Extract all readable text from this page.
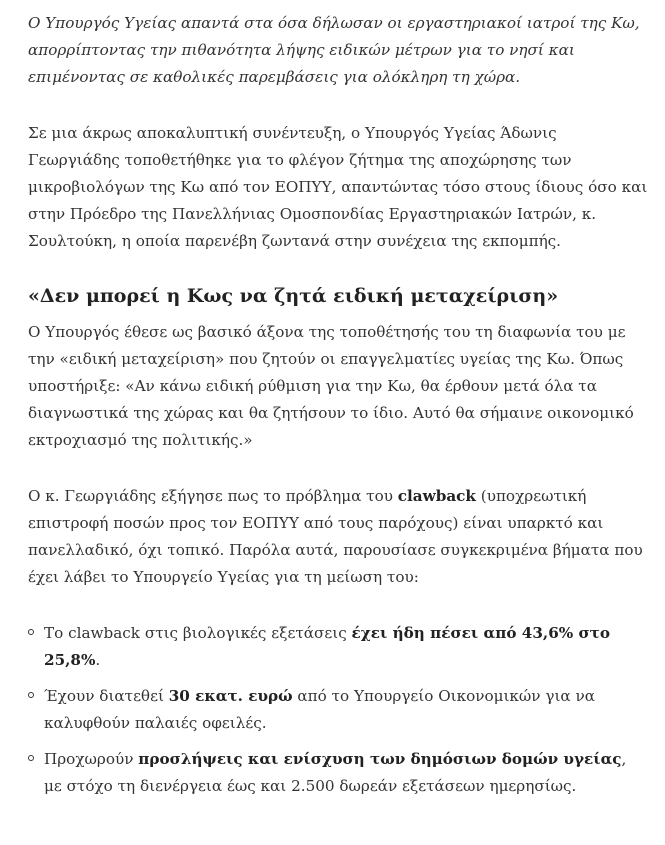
Ο Υπουργός Υγείας απαντά στα όσα δήλωσαν οι εργαστηριακοί ιατροί της Κω, απορρίπτοντας την πιθανότητα λήψης ειδικών μέτρων για το νησί και επιμένοντας σε καθολικές παρεμβάσεις για ολόκληρη τη χώρα.

Σε μια άκρως αποκαλυπτική συνέντευξη, ο Υπουργός Υγείας Άδωνις Γεωργιάδης τοποθετήθηκε για το φλέγον ζήτημα της αποχώρησης των μικροβιολόγων της Κω από τον ΕΟΠΥΥ, απαντώντας τόσο στους ίδιους όσο και στην Πρόεδρο της Πανελλήνιας Ομοσπονδίας Εργαστηριακών Ιατρών, κ. Σουλτούκη, η οποία παρενέβη ζωντανά στην συνέχεια της εκπομπής.

«Δεν μπορεί η Κως να ζητά ειδική μεταχείριση»

Ο Υπουργός έθεσε ως βασικό άξονα της τοποθέτησής του τη διαφωνία του με την «ειδική μεταχείριση» που ζητούν οι επαγγελματίες υγείας της Κω. Όπως υποστήριξε: «Αν κάνω ειδική ρύθμιση για την Κω, θα έρθουν μετά όλα τα διαγνωστικά της χώρας και θα ζητήσουν το ίδιο. Αυτό θα σήμαινε οικονομικό εκτροχιασμό της πολιτικής.»

Ο κ. Γεωργιάδης εξήγησε πως το πρόβλημα του clawback (υποχρεωτική επιστροφή ποσών προς τον ΕΟΠΥΥ από τους παρόχους) είναι υπαρκτό και πανελλαδικό, όχι τοπικό. Παρόλα αυτά, παρουσίασε συγκεκριμένα βήματα που έχει λάβει το Υπουργείο Υγείας για τη μείωση του:

Το clawback στις βιολογικές εξετάσεις έχει ήδη πέσει από 43,6% στο 25,8%.
Έχουν διατεθεί 30 εκατ. ευρώ από το Υπουργείο Οικονομικών για να καλυφθούν παλαιές οφειλές.
Προχωρούν προσλήψεις και ενίσχυση των δημόσιων δομών υγείας, με στόχο τη διενέργεια έως και 2.500 δωρεάν εξετάσεων ημερησίως.
